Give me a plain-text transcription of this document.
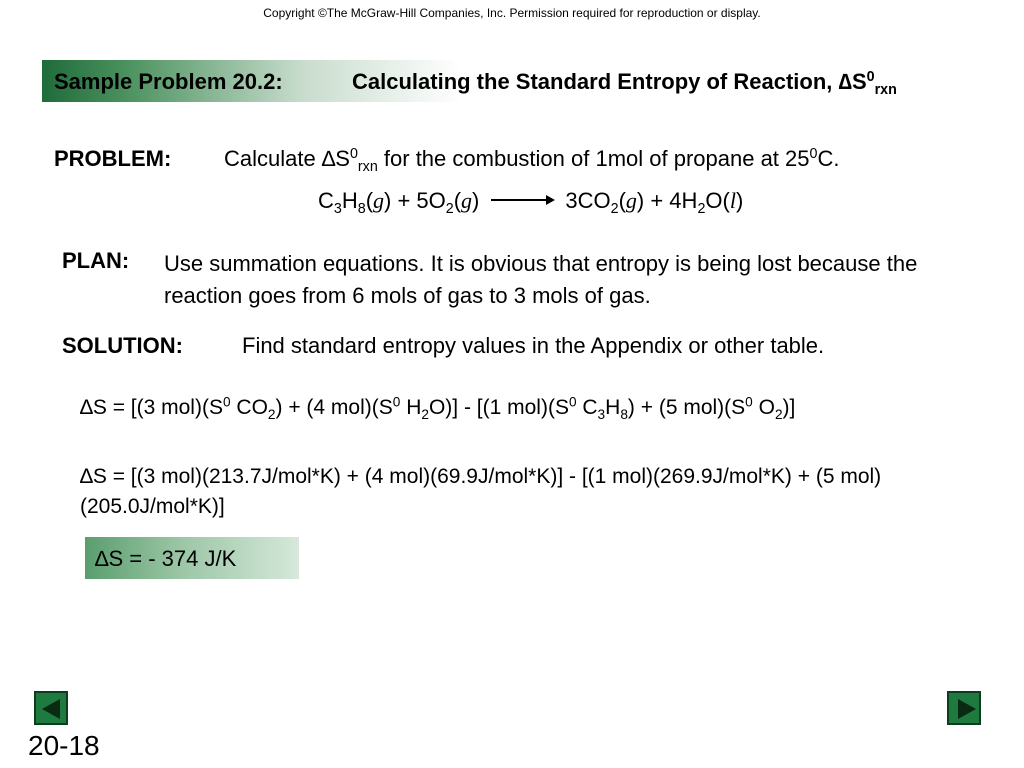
Copyright ©The McGraw-Hill Companies, Inc. Permission required for reproduction or display.
Sample Problem 20.2:	Calculating the Standard Entropy of Reaction, $\Delta S^0_{rxn}$
PROBLEM: Calculate $\Delta S^0_{rxn}$ for the combustion of 1mol of propane at $25^0C$.
$C_3H_8(g) + 5O_2(g) \to 3CO_2(g) + 4H_2O(l)$
PLAN: Use summation equations. It is obvious that entropy is being lost because the reaction goes from 6 mols of gas to 3 mols of gas.
SOLUTION:	Find standard entropy values in the Appendix or other table.
∆S = [(3 $mol)(S^0$ $CO_2) + (4$ $mol)(S^0$ $H_2O)] - [(1$ $mol)(S^0$ $C_3H_8) + (5$ $mol)(S^0$ $O_2$)]
∆S = [(3 mol)(213.7J/mol*K) + (4 mol)(69.9J/mol*K)] - [(1 mol)(269.9J/mol*K) + (5 mol)(205.0J/mol*K)]
∆S = - 374 J/K
20-18
